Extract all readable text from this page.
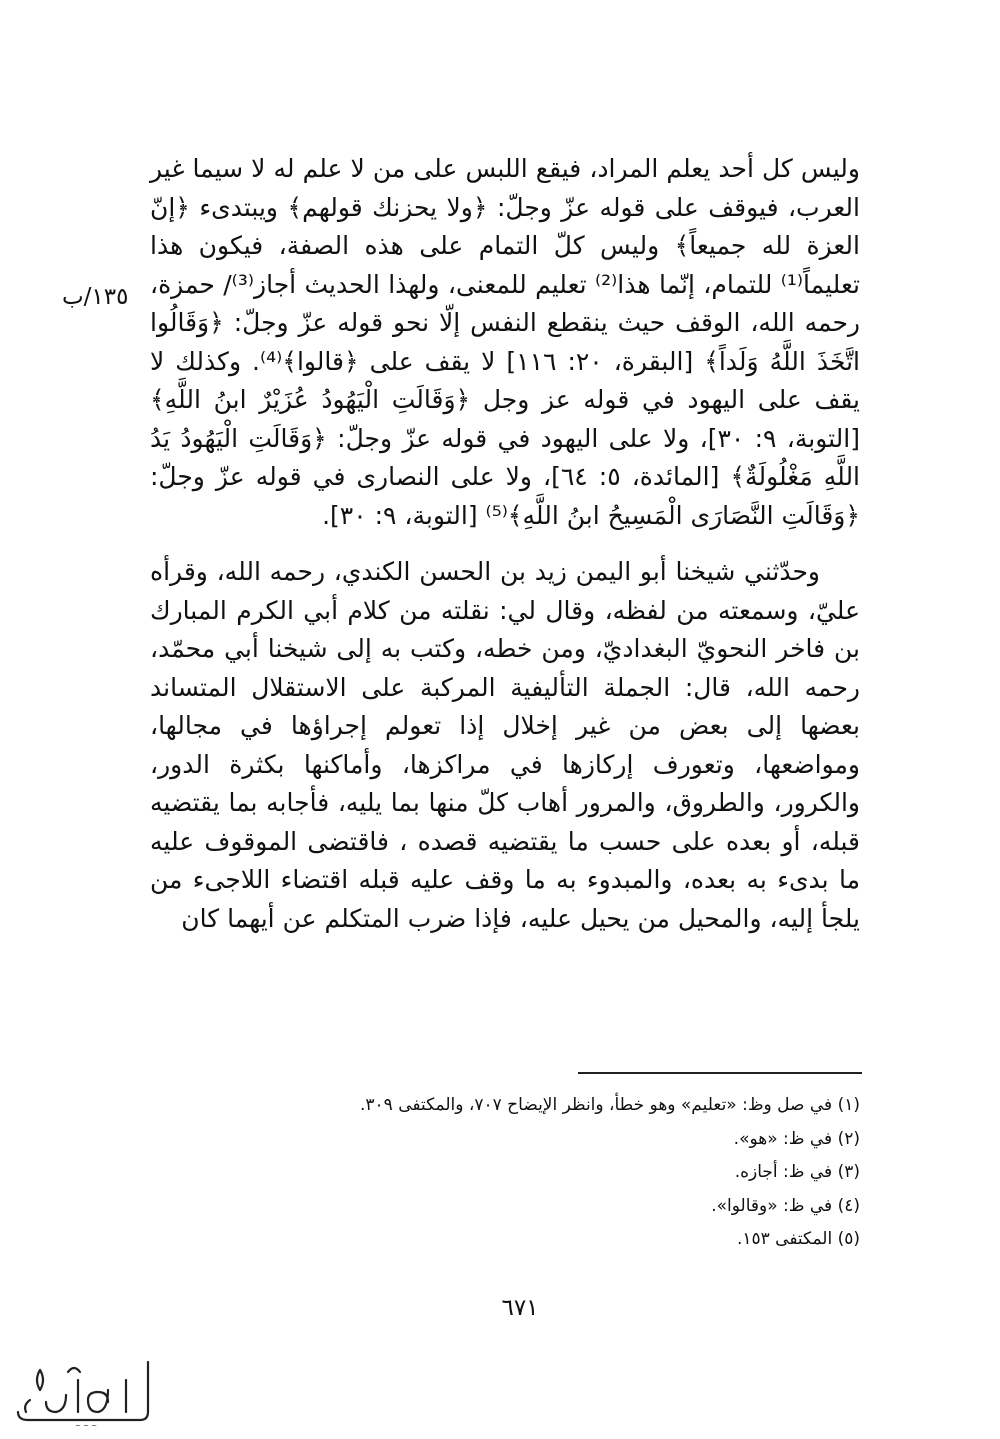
وليس كل أحد يعلم المراد، فيقع اللبس على من لا علم له لا سيما غير العرب، فيوقف على قوله عزّ وجلّ: ﴿ولا يحزنك قولهم﴾ ويبتدىء ﴿إنّ العزة لله جميعاً﴾ وليس كلّ التمام على هذه الصفة، فيكون هذا تعليماً⁽¹⁾ للتمام، إنّما هذا⁽²⁾ تعليم للمعنى، ولهذا الحديث أجاز⁽³⁾/ حمزة، رحمه الله، الوقف حيث ينقطع النفس إلّا نحو قوله عزّ وجلّ: ﴿وَقَالُوا اتَّخَذَ اللَّهُ وَلَداً﴾ [البقرة، ٢٠: ١١٦] لا يقف على ﴿قالوا﴾⁽⁴⁾. وكذلك لا يقف على اليهود في قوله عز وجل ﴿وَقَالَتِ الْيَهُودُ عُزَيْرٌ ابنُ اللَّهِ﴾ [التوبة، ٩: ٣٠]، ولا على اليهود في قوله عزّ وجلّ: ﴿وَقَالَتِ الْيَهُودُ يَدُ اللَّهِ مَغْلُولَةٌ﴾ [المائدة، ٥: ٦٤]، ولا على النصارى في قوله عزّ وجلّ: ﴿وَقَالَتِ النَّصَارَى الْمَسِيحُ ابنُ اللَّهِ﴾⁽⁵⁾ [التوبة، ٩: ٣٠].

وحدّثني شيخنا أبو اليمن زيد بن الحسن الكندي، رحمه الله، وقرأه عليّ، وسمعته من لفظه، وقال لي: نقلته من كلام أبي الكرم المبارك بن فاخر النحويّ البغداديّ، ومن خطه، وكتب به إلى شيخنا أبي محمّد، رحمه الله، قال: الجملة التأليفية المركبة على الاستقلال المتساند بعضها إلى بعض من غير إخلال إذا تعولم إجراؤها في مجالها، ومواضعها، وتعورف إركازها في مراكزها، وأماكنها بكثرة الدور، والكرور، والطروق، والمرور أهاب كلّ منها بما يليه، فأجابه بما يقتضيه قبله، أو بعده على حسب ما يقتضيه قصده ، فاقتضى الموقوف عليه ما بدىء به بعده، والمبدوء به ما وقف عليه قبله اقتضاء اللاجىء من يلجأ إليه، والمحيل من يحيل عليه، فإذا ضرب المتكلم عن أيهما كان

١٣٥/ب
(١) في صل وظ: «تعليم» وهو خطأ، وانظر الإيضاح ٧٠٧، والمكتفى ٣٠٩.
(٢) في ظ: «هو».
(٣) في ظ: أجازه.
(٤) في ظ: «وقالوا».
(٥) المكتفى ١٥٣.
٦٧١
~ ~ ~
